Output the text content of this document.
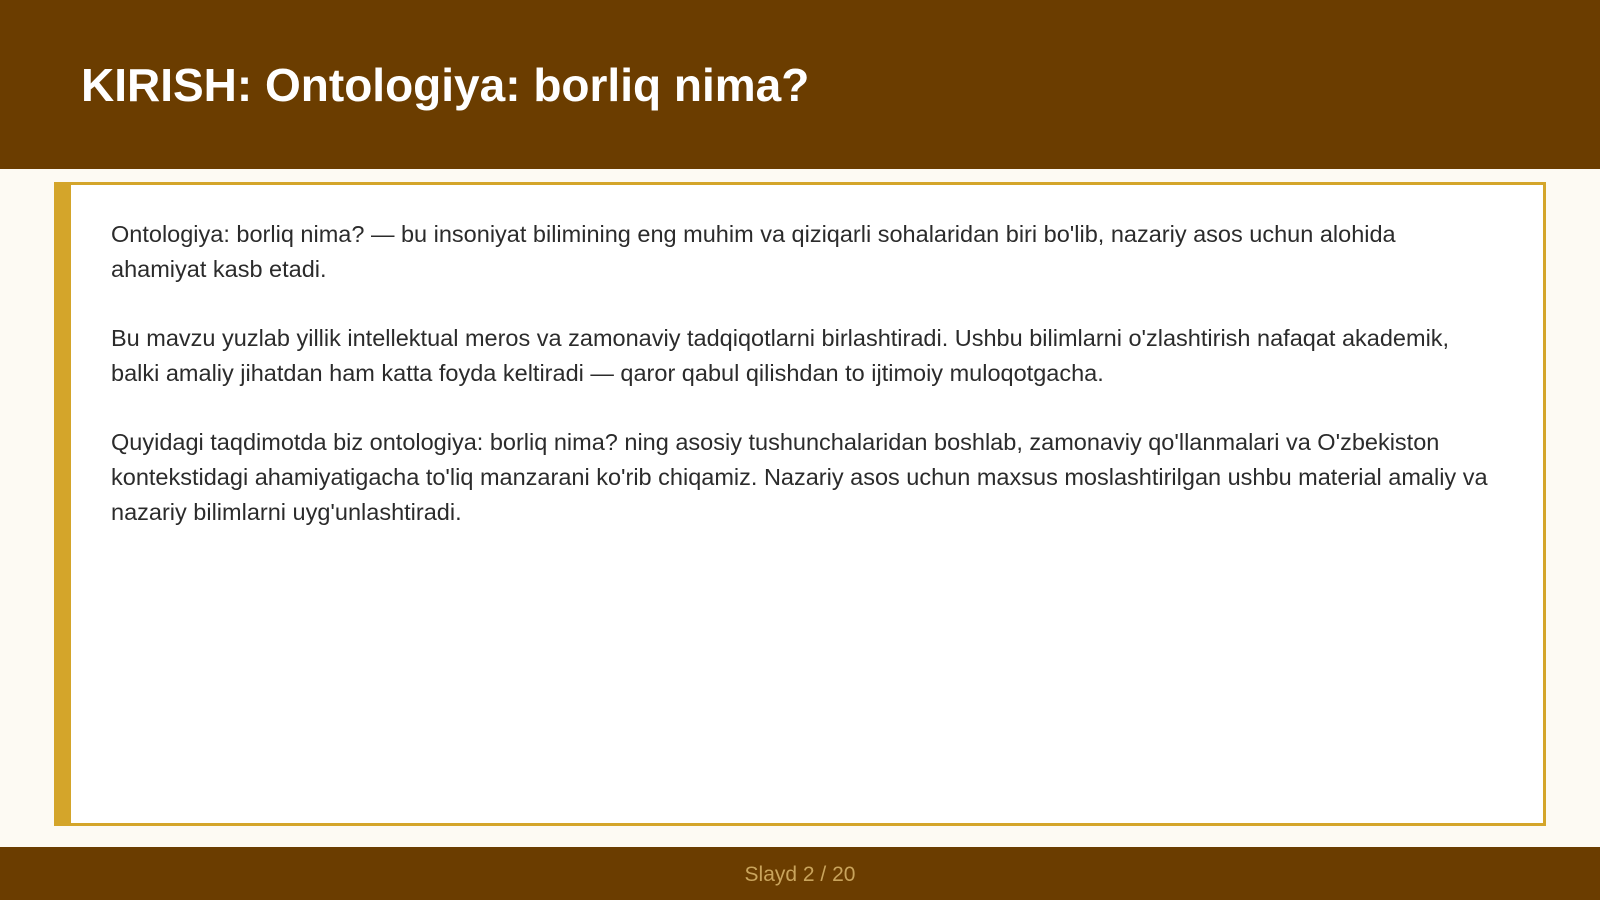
KIRISH: Ontologiya: borliq nima?

Ontologiya: borliq nima? — bu insoniyat bilimining eng muhim va qiziqarli sohalaridan biri bo'lib, nazariy asos uchun alohida ahamiyat kasb etadi.

Bu mavzu yuzlab yillik intellektual meros va zamonaviy tadqiqotlarni birlashtiradi. Ushbu bilimlarni o'zlashtirish nafaqat akademik, balki amaliy jihatdan ham katta foyda keltiradi — qaror qabul qilishdan to ijtimoiy muloqotgacha.

Quyidagi taqdimotda biz ontologiya: borliq nima? ning asosiy tushunchalaridan boshlab, zamonaviy qo'llanmalari va O'zbekiston kontekstidagi ahamiyatigacha to'liq manzarani ko'rib chiqamiz. Nazariy asos uchun maxsus moslashtirilgan ushbu material amaliy va nazariy bilimlarni uyg'unlashtiradi.

Slayd 2 / 20
